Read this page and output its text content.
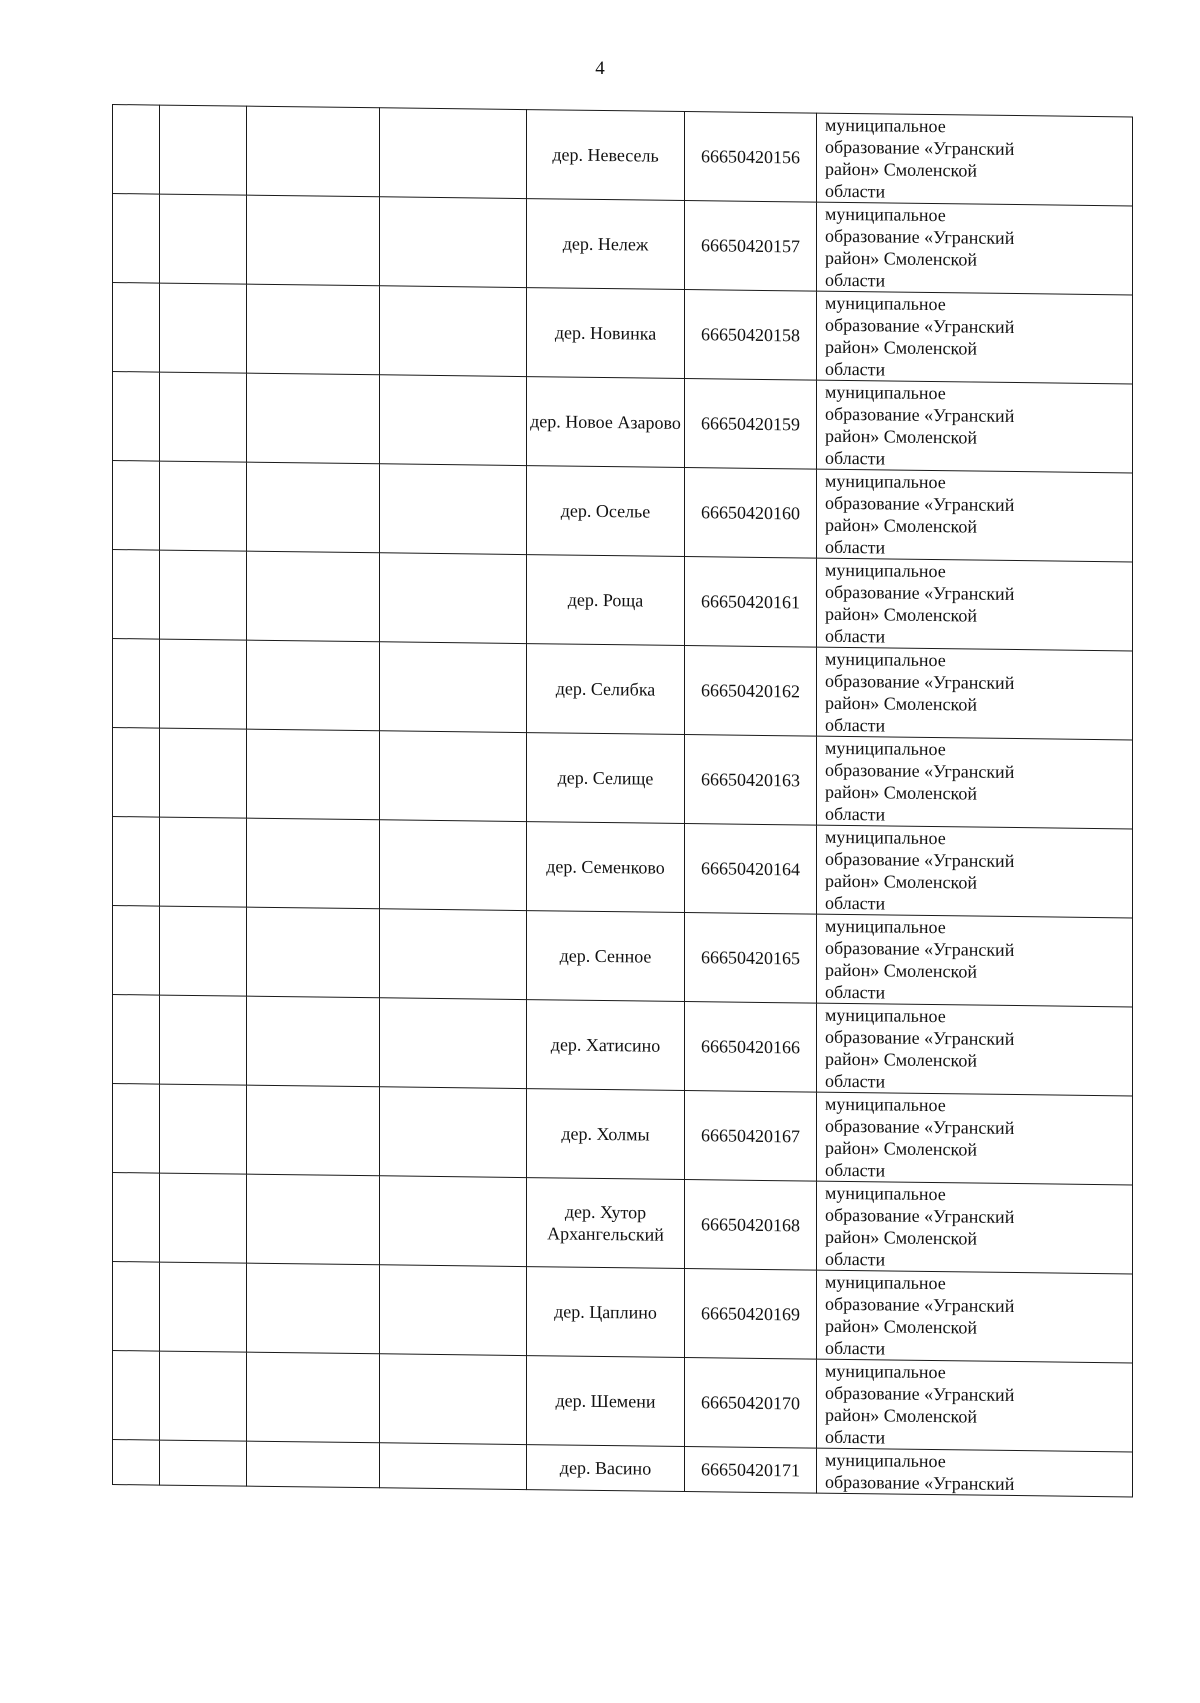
4
				дер. Невесель	66650420156	муниципальное
образование «Угранский
район» Смоленской
области

				дер. Нележ	66650420157	муниципальное
образование «Угранский
район» Смоленской
области

				дер. Новинка	66650420158	муниципальное
образование «Угранский
район» Смоленской
области

				дер. Новое Азарово	66650420159	муниципальное
образование «Угранский
район» Смоленской
области

				дер. Оселье	66650420160	муниципальное
образование «Угранский
район» Смоленской
области

				дер. Роща	66650420161	муниципальное
образование «Угранский
район» Смоленской
области

				дер. Селибка	66650420162	муниципальное
образование «Угранский
район» Смоленской
области

				дер. Селище	66650420163	муниципальное
образование «Угранский
район» Смоленской
области

				дер. Семенково	66650420164	муниципальное
образование «Угранский
район» Смоленской
области

				дер. Сенное	66650420165	муниципальное
образование «Угранский
район» Смоленской
области

				дер. Хатисино	66650420166	муниципальное
образование «Угранский
район» Смоленской
области

				дер. Холмы	66650420167	муниципальное
образование «Угранский
район» Смоленской
области

				дер. Хутор Архангельский	66650420168	муниципальное
образование «Угранский
район» Смоленской
области

				дер. Цаплино	66650420169	муниципальное
образование «Угранский
район» Смоленской
области

				дер. Шемени	66650420170	муниципальное
образование «Угранский
район» Смоленской
области

				дер. Васино	66650420171	муниципальное
образование «Угранский
